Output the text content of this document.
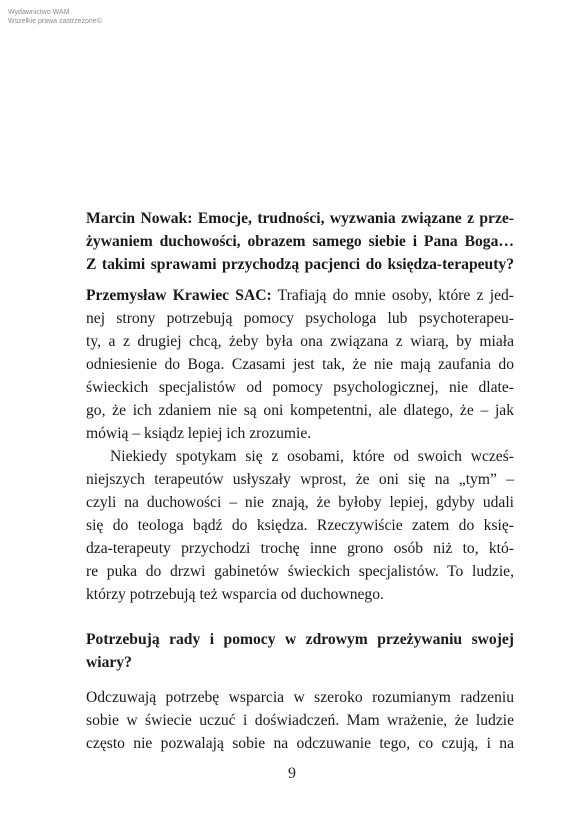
Wydawnictwo WAM
Wszelkie prawa zastrzeżone©
Marcin Nowak: Emocje, trudności, wyzwania związane z prze-
żywaniem duchowości, obrazem samego siebie i Pana Boga…
Z takimi sprawami przychodzą pacjenci do księdza-terapeuty?
Przemysław Krawiec SAC: Trafiają do mnie osoby, które z jed-
nej strony potrzebują pomocy psychologa lub psychoterapeu-
ty, a z drugiej chcą, żeby była ona związana z wiarą, by miała
odniesienie do Boga. Czasami jest tak, że nie mają zaufania do
świeckich specjalistów od pomocy psychologicznej, nie dlate-
go, że ich zdaniem nie są oni kompetentni, ale dlatego, że – jak
mówią – ksiądz lepiej ich zrozumie.
Niekiedy spotykam się z osobami, które od swoich wcześ-
niejszych terapeutów usłyszały wprost, że oni się na „tym” –
czyli na duchowości – nie znają, że byłoby lepiej, gdyby udali
się do teologa bądź do księdza. Rzeczywiście zatem do księ-
dza-terapeuty przychodzi trochę inne grono osób niż to, któ-
re puka do drzwi gabinetów świeckich specjalistów. To ludzie,
którzy potrzebują też wsparcia od duchownego.
Potrzebują rady i pomocy w zdrowym przeżywaniu swojej
wiary?
Odczuwają potrzebę wsparcia w szeroko rozumianym radzeniu
sobie w świecie uczuć i doświadczeń. Mam wrażenie, że ludzie
często nie pozwalają sobie na odczuwanie tego, co czują, i na
9
